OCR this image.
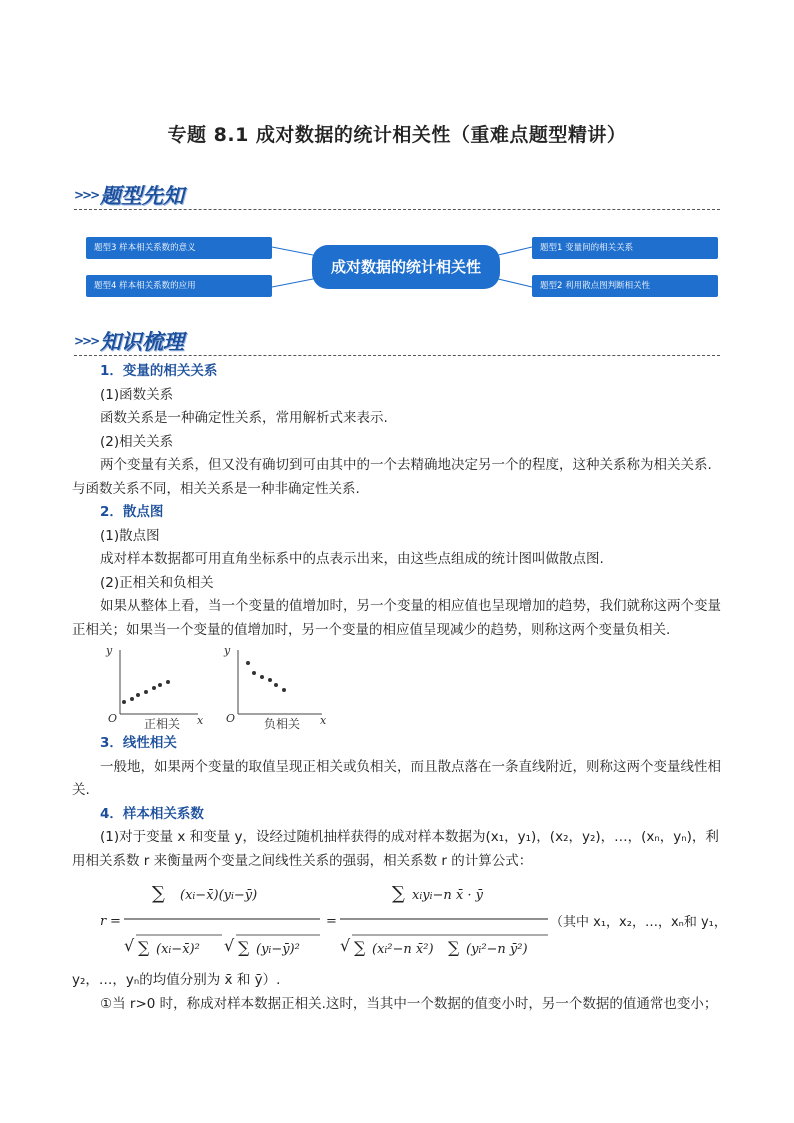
专题 8.1 成对数据的统计相关性（重难点题型精讲）
>>> 题型先知
题型3 样本相关系数的意义
题型4 样本相关系数的应用
成对数据的统计相关性
题型1 变量间的相关关系
题型2 利用散点图判断相关性
>>> 知识梳理

1．变量的相关关系

(1)函数关系

函数关系是一种确定性关系，常用解析式来表示.

(2)相关关系

两个变量有关系，但又没有确切到可由其中的一个去精确地决定另一个的程度，这种关系称为相关关系.与函数关系不同，相关关系是一种非确定性关系.

2．散点图

(1)散点图

成对样本数据都可用直角坐标系中的点表示出来，由这些点组成的统计图叫做散点图.

(2)正相关和负相关

如果从整体上看，当一个变量的值增加时，另一个变量的相应值也呈现增加的趋势，我们就称这两个变量正相关；如果当一个变量的值增加时，另一个变量的相应值呈现减少的趋势，则称这两个变量负相关.

y
O	x
正相关
y
O	x
负相关

3．线性相关

一般地，如果两个变量的取值呈现正相关或负相关，而且散点落在一条直线附近，则称这两个变量线性相关.

4．样本相关系数

(1)对于变量 x 和变量 y，设经过随机抽样获得的成对样本数据为(x₁，y₁)，(x₂，y₂)，…，(xₙ，yₙ)，利用相关系数 r 来衡量两个变量之间线性关系的强弱，相关系数 r 的计算公式：

r =
∑ (xi−x̄)(yi−ȳ)
√ ∑ (xi−x̄)² √ ∑ (yi−ȳ)²
=
∑ xiyi−n x̄ · ȳ
√ ∑ (xi²−n x̄²) ∑ (yi²−n ȳ²)
（其中 x₁，x₂，…，xₙ和 y₁，

y₂，…，yₙ的均值分别为 x̄ 和 ȳ）.

①当 r>0 时，称成对样本数据正相关.这时，当其中一个数据的值变小时，另一个数据的值通常也变小；
